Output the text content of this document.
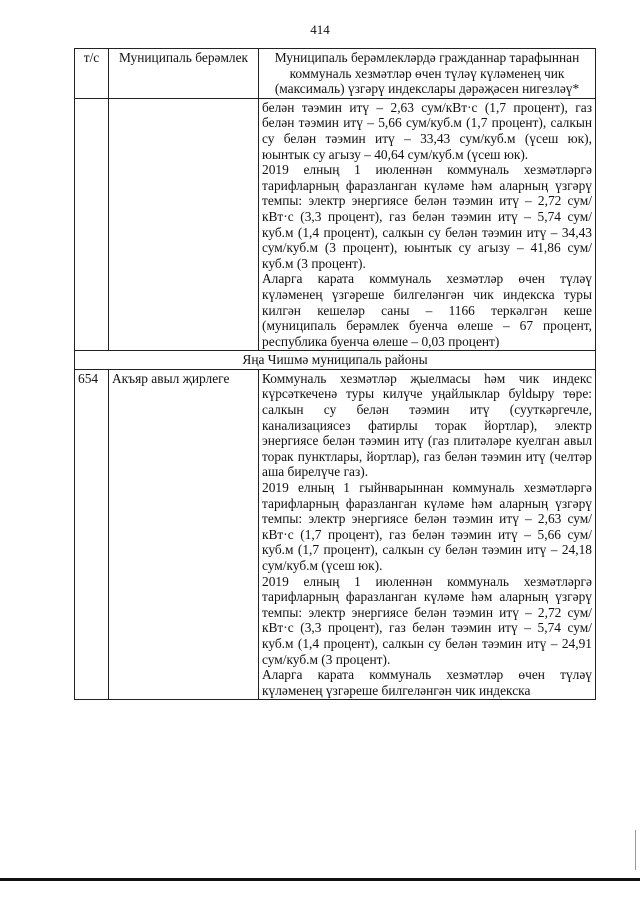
414
т/с	Муниципаль берәмлек	Муниципаль берәмлекләрдә гражданнар тарафыннан коммуналь хезмәтләр өчен түләү күләменең чик (максималь) үзгәрү индекслары дәрәҗәсен нигезләү*

		белән тәэмин итү – 2,63 сум/кВт·с (1,7 процент), газ белән тәэмин итү – 5,66 сум/куб.м (1,7 процент), салкын су белән тәэмин итү – 33,43 сум/куб.м (үсеш юк), юынтык су агызу – 40,64 сум/куб.м (үсеш юк).
2019 елның 1 июленнән коммуналь хезмәтләргә тарифларның фаразланган күләме һәм аларның үзгәрү темпы: электр энергиясе белән тәэмин итү – 2,72 сум/кВт·с (3,3 процент), газ белән тәэмин итү – 5,74 сум/куб.м (1,4 процент), салкын су белән тәэмин итү – 34,43 сум/куб.м (3 процент), юынтык су агызу – 41,86 сум/куб.м (3 процент).
Аларга карата коммуналь хезмәтләр өчен түләү күләменең үзгәреше билгеләнгән чик индекска туры килгән кешеләр саны – 1166 теркәлгән кеше (муниципаль берәмлек буенча өлеше – 67 процент, республика буенча өлеше – 0,03 процент)

Яңа Чишмә муниципаль районы		
654	Акъяр авыл җирлеге	Коммуналь хезмәтләр җыелмасы һәм чик индекс күрсәткеченә туры килүче уңайлыклар буldыру төре: салкын су белән тәэмин итү (сууткәргечле, канализациясез фатирлы торак йортлар), электр энергиясе белән тәэмин итү (газ плитәләре куелган авыл торак пунктлары, йортлар), газ белән тәэмин итү (челтәр аша бирелүче газ).
2019 елның 1 гыйнварыннан коммуналь хезмәтләргә тарифларның фаразланган күләме һәм аларның үзгәрү темпы: электр энергиясе белән тәэмин итү – 2,63 сум/кВт·с (1,7 процент), газ белән тәэмин итү – 5,66 сум/куб.м (1,7 процент), салкын су белән тәэмин итү – 24,18 сум/куб.м (үсеш юк).
2019 елның 1 июленнән коммуналь хезмәтләргә тарифларның фаразланган күләме һәм аларның үзгәрү темпы: электр энергиясе белән тәэмин итү – 2,72 сум/кВт·с (3,3 процент), газ белән тәэмин итү – 5,74 сум/куб.м (1,4 процент), салкын су белән тәэмин итү – 24,91 сум/куб.м (3 процент).
Аларга карата коммуналь хезмәтләр өчен түләү күләменең үзгәреше билгеләнгән чик индекска
